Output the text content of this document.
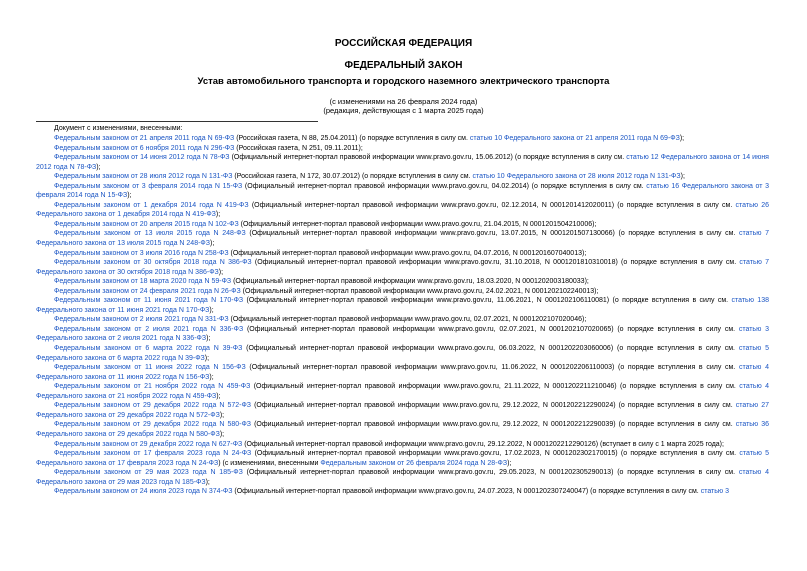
РОССИЙСКАЯ ФЕДЕРАЦИЯ
ФЕДЕРАЛЬНЫЙ ЗАКОН
Устав автомобильного транспорта и городского наземного электрического транспорта
(с изменениями на 26 февраля 2024 года)
(редакция, действующая с 1 марта 2025 года)
Документ с изменениями, внесенными:

Федеральным законом от 21 апреля 2011 года N 69-ФЗ (Российская газета, N 88, 25.04.2011) (о порядке вступления в силу см. статью 10 Федерального закона от 21 апреля 2011 года N 69-ФЗ);

Федеральным законом от 6 ноября 2011 года N 296-ФЗ (Российская газета, N 251, 09.11.2011);

Федеральным законом от 14 июня 2012 года N 78-ФЗ (Официальный интернет-портал правовой информации www.pravo.gov.ru, 15.06.2012) (о порядке вступления в силу см. статью 12 Федерального закона от 14 июня 2012 года N 78-ФЗ);

Федеральным законом от 28 июля 2012 года N 131-ФЗ (Российская газета, N 172, 30.07.2012) (о порядке вступления в силу см. статью 10 Федерального закона от 28 июля 2012 года N 131-ФЗ);

Федеральным законом от 3 февраля 2014 года N 15-ФЗ (Официальный интернет-портал правовой информации www.pravo.gov.ru, 04.02.2014) (о порядке вступления в силу см. статью 16 Федерального закона от 3 февраля 2014 года N 15-ФЗ);

Федеральным законом от 1 декабря 2014 года N 419-ФЗ (Официальный интернет-портал правовой информации www.pravo.gov.ru, 02.12.2014, N 0001201412020011) (о порядке вступления в силу см. статью 26 Федерального закона от 1 декабря 2014 года N 419-ФЗ);

Федеральным законом от 20 апреля 2015 года N 102-ФЗ (Официальный интернет-портал правовой информации www.pravo.gov.ru, 21.04.2015, N 0001201504210006);

Федеральным законом от 13 июля 2015 года N 248-ФЗ (Официальный интернет-портал правовой информации www.pravo.gov.ru, 13.07.2015, N 0001201507130066) (о порядке вступления в силу см. статью 7 Федерального закона от 13 июля 2015 года N 248-ФЗ);

Федеральным законом от 3 июля 2016 года N 258-ФЗ (Официальный интернет-портал правовой информации www.pravo.gov.ru, 04.07.2016, N 0001201607040013);

Федеральным законом от 30 октября 2018 года N 386-ФЗ (Официальный интернет-портал правовой информации www.pravo.gov.ru, 31.10.2018, N 0001201810310018) (о порядке вступления в силу см. статью 7 Федерального закона от 30 октября 2018 года N 386-ФЗ);

Федеральным законом от 18 марта 2020 года N 59-ФЗ (Официальный интернет-портал правовой информации www.pravo.gov.ru, 18.03.2020, N 0001202003180033);

Федеральным законом от 24 февраля 2021 года N 26-ФЗ (Официальный интернет-портал правовой информации www.pravo.gov.ru, 24.02.2021, N 0001202102240013);

Федеральным законом от 11 июня 2021 года N 170-ФЗ (Официальный интернет-портал правовой информации www.pravo.gov.ru, 11.06.2021, N 0001202106110081) (о порядке вступления в силу см. статью 138 Федерального закона от 11 июня 2021 года N 170-ФЗ);

Федеральным законом от 2 июля 2021 года N 331-ФЗ (Официальный интернет-портал правовой информации www.pravo.gov.ru, 02.07.2021, N 0001202107020046);

Федеральным законом от 2 июля 2021 года N 336-ФЗ (Официальный интернет-портал правовой информации www.pravo.gov.ru, 02.07.2021, N 0001202107020065) (о порядке вступления в силу см. статью 3 Федерального закона от 2 июля 2021 года N 336-ФЗ);

Федеральным законом от 6 марта 2022 года N 39-ФЗ (Официальный интернет-портал правовой информации www.pravo.gov.ru, 06.03.2022, N 0001202203060006) (о порядке вступления в силу см. статью 5 Федерального закона от 6 марта 2022 года N 39-ФЗ);

Федеральным законом от 11 июня 2022 года N 156-ФЗ (Официальный интернет-портал правовой информации www.pravo.gov.ru, 11.06.2022, N 0001202206110003) (о порядке вступления в силу см. статью 4 Федерального закона от 11 июня 2022 года N 156-ФЗ);

Федеральным законом от 21 ноября 2022 года N 459-ФЗ (Официальный интернет-портал правовой информации www.pravo.gov.ru, 21.11.2022, N 0001202211210046) (о порядке вступления в силу см. статью 4 Федерального закона от 21 ноября 2022 года N 459-ФЗ);

Федеральным законом от 29 декабря 2022 года N 572-ФЗ (Официальный интернет-портал правовой информации www.pravo.gov.ru, 29.12.2022, N 0001202212290024) (о порядке вступления в силу см. статью 27 Федерального закона от 29 декабря 2022 года N 572-ФЗ);

Федеральным законом от 29 декабря 2022 года N 580-ФЗ (Официальный интернет-портал правовой информации www.pravo.gov.ru, 29.12.2022, N 0001202212290039) (о порядке вступления в силу см. статью 36 Федерального закона от 29 декабря 2022 года N 580-ФЗ);

Федеральным законом от 29 декабря 2022 года N 627-ФЗ (Официальный интернет-портал правовой информации www.pravo.gov.ru, 29.12.2022, N 0001202212290126) (вступает в силу с 1 марта 2025 года);

Федеральным законом от 17 февраля 2023 года N 24-ФЗ (Официальный интернет-портал правовой информации www.pravo.gov.ru, 17.02.2023, N 0001202302170015) (о порядке вступления в силу см. статью 5 Федерального закона от 17 февраля 2023 года N 24-ФЗ) (с изменениями, внесенными Федеральным законом от 26 февраля 2024 года N 28-ФЗ);

Федеральным законом от 29 мая 2023 года N 185-ФЗ (Официальный интернет-портал правовой информации www.pravo.gov.ru, 29.05.2023, N 0001202305290013) (о порядке вступления в силу см. статью 4 Федерального закона от 29 мая 2023 года N 185-ФЗ);

Федеральным законом от 24 июля 2023 года N 374-ФЗ (Официальный интернет-портал правовой информации www.pravo.gov.ru, 24.07.2023, N 0001202307240047) (о порядке вступления в силу см. статью 3
